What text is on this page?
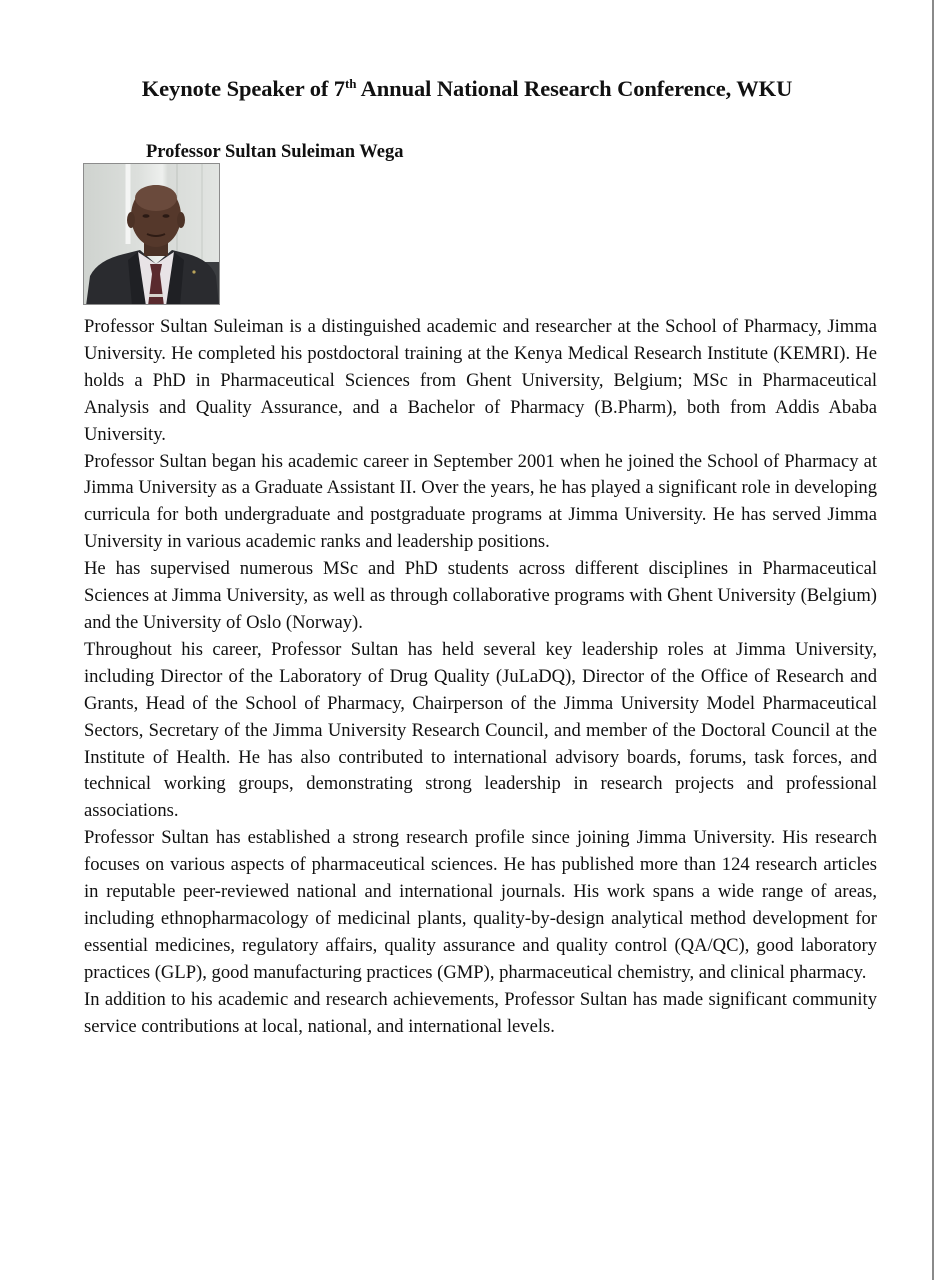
Keynote Speaker of 7th Annual National Research Conference, WKU
Professor Sultan Suleiman Wega

Professor Sultan Suleiman is a distinguished academic and researcher at the School of Pharmacy, Jimma University. He completed his postdoctoral training at the Kenya Medical Research Institute (KEMRI). He holds a PhD in Pharmaceutical Sciences from Ghent University, Belgium; MSc in Pharmaceutical Analysis and Quality Assurance, and a Bachelor of Pharmacy (B.Pharm), both from Addis Ababa University.

Professor Sultan began his academic career in September 2001 when he joined the School of Pharmacy at Jimma University as a Graduate Assistant II. Over the years, he has played a significant role in developing curricula for both undergraduate and postgraduate programs at Jimma University. He has served Jimma University in various academic ranks and leadership positions.

He has supervised numerous MSc and PhD students across different disciplines in Pharmaceutical Sciences at Jimma University, as well as through collaborative programs with Ghent University (Belgium) and the University of Oslo (Norway).

Throughout his career, Professor Sultan has held several key leadership roles at Jimma University, including Director of the Laboratory of Drug Quality (JuLaDQ), Director of the Office of Research and Grants, Head of the School of Pharmacy, Chairperson of the Jimma University Model Pharmaceutical Sectors, Secretary of the Jimma University Research Council, and member of the Doctoral Council at the Institute of Health. He has also contributed to international advisory boards, forums, task forces, and technical working groups, demonstrating strong leadership in research projects and professional associations.

Professor Sultan has established a strong research profile since joining Jimma University. His research focuses on various aspects of pharmaceutical sciences. He has published more than 124 research articles in reputable peer-reviewed national and international journals. His work spans a wide range of areas, including ethnopharmacology of medicinal plants, quality-by-design analytical method development for essential medicines, regulatory affairs, quality assurance and quality control (QA/QC), good laboratory practices (GLP), good manufacturing practices (GMP), pharmaceutical chemistry, and clinical pharmacy.

In addition to his academic and research achievements, Professor Sultan has made significant community service contributions at local, national, and international levels.
